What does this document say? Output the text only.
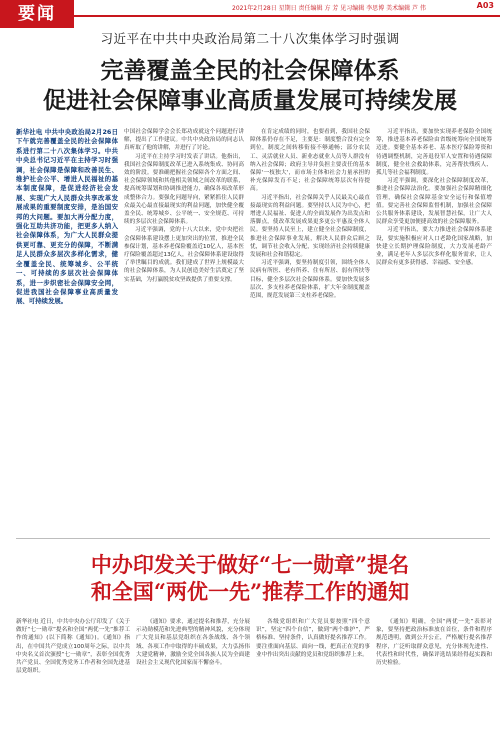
要闻	2021年2月28日 星期日 责任编辑 方 芳 见习编辑 李思博 美术编辑 芦 伟	A03
习近平在中共中央政治局第二十八次集体学习时强调
完善覆盖全民的社会保障体系
促进社会保障事业高质量发展可持续发展

新华社电 中共中央政治局2月26日下午就完善覆盖全民的社会保障体系进行第二十八次集体学习。中共中央总书记习近平在主持学习时强调，社会保障是保障和改善民生、维护社会公平、增进人民福祉的基本制度保障，是促进经济社会发展、实现广大人民群众共享改革发展成果的重要制度安排，是治国安邦的大问题。要加大再分配力度，强化互助共济功能，把更多人纳入社会保障体系，为广大人民群众提供更可靠、更充分的保障，不断满足人民群众多层次多样化需求，健全覆盖全民、统筹城乡、公平统一、可持续的多层次社会保障体系，进一步织密社会保障安全网，促进我国社会保障事业高质量发展、可持续发展。

中国社会保障学会会长郑功成就这个问题进行讲解，提出了工作建议。中共中央政治局的同志认真听取了他的讲解，并进行了讨论。

习近平在主持学习时发表了讲话。他指出，我国社会保障制度改革已进入系统集成、协同高效的阶段。要准确把握社会保障各个方面之间、社会保障领域和其他相关领域之间改革的联系，提高统筹谋划和协调推进能力，确保各项改革形成整体合力。要强化问题导向，紧紧抓住人民群众最关心最直接最现实的利益问题，加快健全覆盖全民、统筹城乡、公平统一、安全规范、可持续的多层次社会保障体系。

习近平强调，党的十八大以来，党中央把社会保障体系建设摆上更加突出的位置，推进全民参保计划，基本养老保险覆盖近10亿人，基本医疗保险覆盖超过13亿人，社会保障体系建设取得了举世瞩目的成就。我们建成了世界上规模最大的社会保障体系，为人民创造美好生活奠定了坚实基础，为打赢脱贫攻坚战提供了重要支撑。

在肯定成绩的同时，也要看到，我国社会保障体系仍存在不足，主要是：制度整合没有完全到位，制度之间转移衔接不够通畅；部分农民工、灵活就业人员、新业态就业人员等人群没有纳入社会保障；政府主导并负担主要责任的基本保障'一枝独大'，而市场主体和社会力量承担的补充保障发育不足；社会保障统筹层次有待提高。

习近平指出，社会保障关乎人民最关心最直接最现实的利益问题。要坚持以人民为中心，把增进人民福祉、促进人的全面发展作为出发点和落脚点，使改革发展成果更多更公平惠及全体人民。要坚持人民至上，建立健全社会保障制度，推进社会保障事业发展，解决人民群众后顾之忧，调节社会收入分配，实现经济社会持续健康发展和社会和谐稳定。

习近平强调，要坚持制度引领，围绕全体人民病有所医、老有所养、住有所居、弱有所扶等目标，健全多层次社会保障体系。要加快发展多层次、多支柱养老保险体系，扩大年金制度覆盖范围，规范发展第三支柱养老保险。

习近平指出，要加快实现养老保险全国统筹，推进基本养老保险由省级统筹向全国统筹迈进。要健全基本养老、基本医疗保险筹资和待遇调整机制，完善退役军人安置和待遇保障制度，健全社会救助体系，完善帮扶残疾人、孤儿等社会福利制度。

习近平强调，要深化社会保障制度改革，推进社会保障法治化。要加强社会保障精细化管理，确保社会保障基金安全运行和保值增值。要完善社会保障监督机制，加强社会保障公共服务体系建设，发展智慧社保，让广大人民群众享受更加便捷高效的社会保障服务。

习近平指出，要大力推进社会保障体系建设，要实施积极应对人口老龄化国家战略，加快建立长期护理保险制度，大力发展老龄产业，满足老年人多层次多样化服务需求，让人民群众有更多获得感、幸福感、安全感。

中办印发关于做好“七一勋章”提名
和全国“两优一先”推荐工作的通知

新华社电 近日，中共中央办公厅印发了《关于做好“七一勋章”提名和全国“两优一先”推荐工作的通知》(以下简称《通知》)。《通知》指出，在中国共产党成立100周年之际，以中共中央名义首次颁授“七一勋章”，表彰全国优秀共产党员、全国优秀党务工作者和全国先进基层党组织。

《通知》要求，通过提名和推荐，充分展示功勋模范和先进典型的精神风貌，充分体现广大党员和基层党组织在各条战线、各个领域、各项工作中取得的丰硕成果，大力弘扬伟大建党精神，激励全党全国各族人民为全面建设社会主义现代化国家而不懈奋斗。

各级党组织和广大党员要按照“四个意识”，坚定“四个自信”，做到“两个维护”，严格标准、坚持条件，认真做好提名推荐工作。要注重面向基层、面向一线，把真正在党的事业中作出突出贡献的党员和党组织推荐上来。

《通知》明确，全国“两优一先”表彰对象，要坚持把政治标准放在首位，条件和程序规范透明，做到公开公正，严格履行提名推荐程序，广泛听取群众意见，充分体现先进性、代表性和时代性，确保评选结果经得起实践和历史检验。
